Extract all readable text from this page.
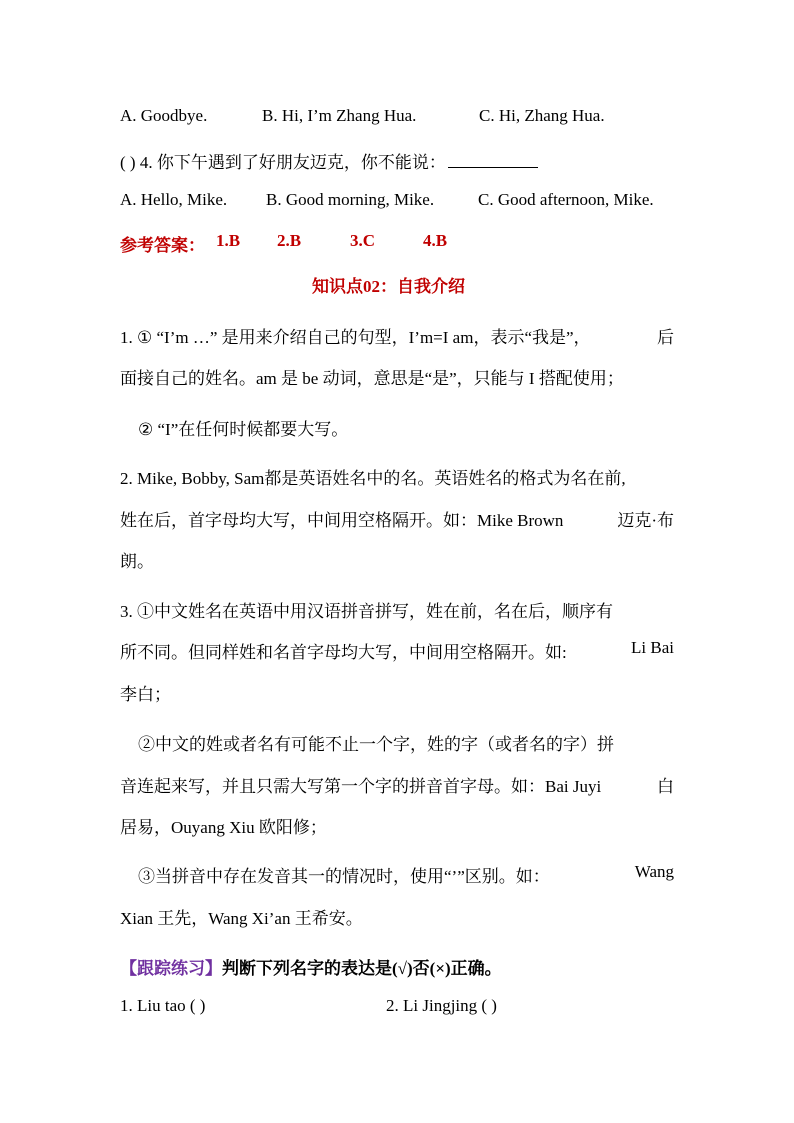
A. Goodbye.	B. Hi, I’m Zhang Hua.	C. Hi, Zhang Hua.
( ) 4. 你下午遇到了好朋友迈克，你不能说：
A. Hello, Mike. B. Good morning, Mike.	C. Good afternoon, Mike.
参考答案： 1.B 2.B	3.C	4.B
知识点02：自我介绍
1. ① “I’m …” 是用来介绍自己的句型，I’m=I am，表示“我是”，	后
面接自己的姓名。am 是 be 动词，意思是“是”，只能与 I 搭配使用；
② “I”在任何时候都要大写。
2. Mike, Bobby, Sam都是英语姓名中的名。英语姓名的格式为名在前,
姓在后，首字母均大写，中间用空格隔开。如：Mike Brown	迈克·布
朗。
3. ①中文姓名在英语中用汉语拼音拼写，姓在前，名在后，顺序有
所不同。但同样姓和名首字母均大写，中间用空格隔开。如:	Li Bai
李白；
②中文的姓或者名有可能不止一个字，姓的字（或者名的字）拼
音连起来写，并且只需大写第一个字的拼音首字母。如：Bai Juyi	白
居易，Ouyang Xiu 欧阳修；
③当拼音中存在发音其一的情况时，使用“’”区别。如：	Wang
Xian 王先，Wang Xi’an 王希安。
【跟踪练习】判断下列名字的表达是(√)否(×)正确。
1. Liu tao ( )	2. Li Jingjing ( )
